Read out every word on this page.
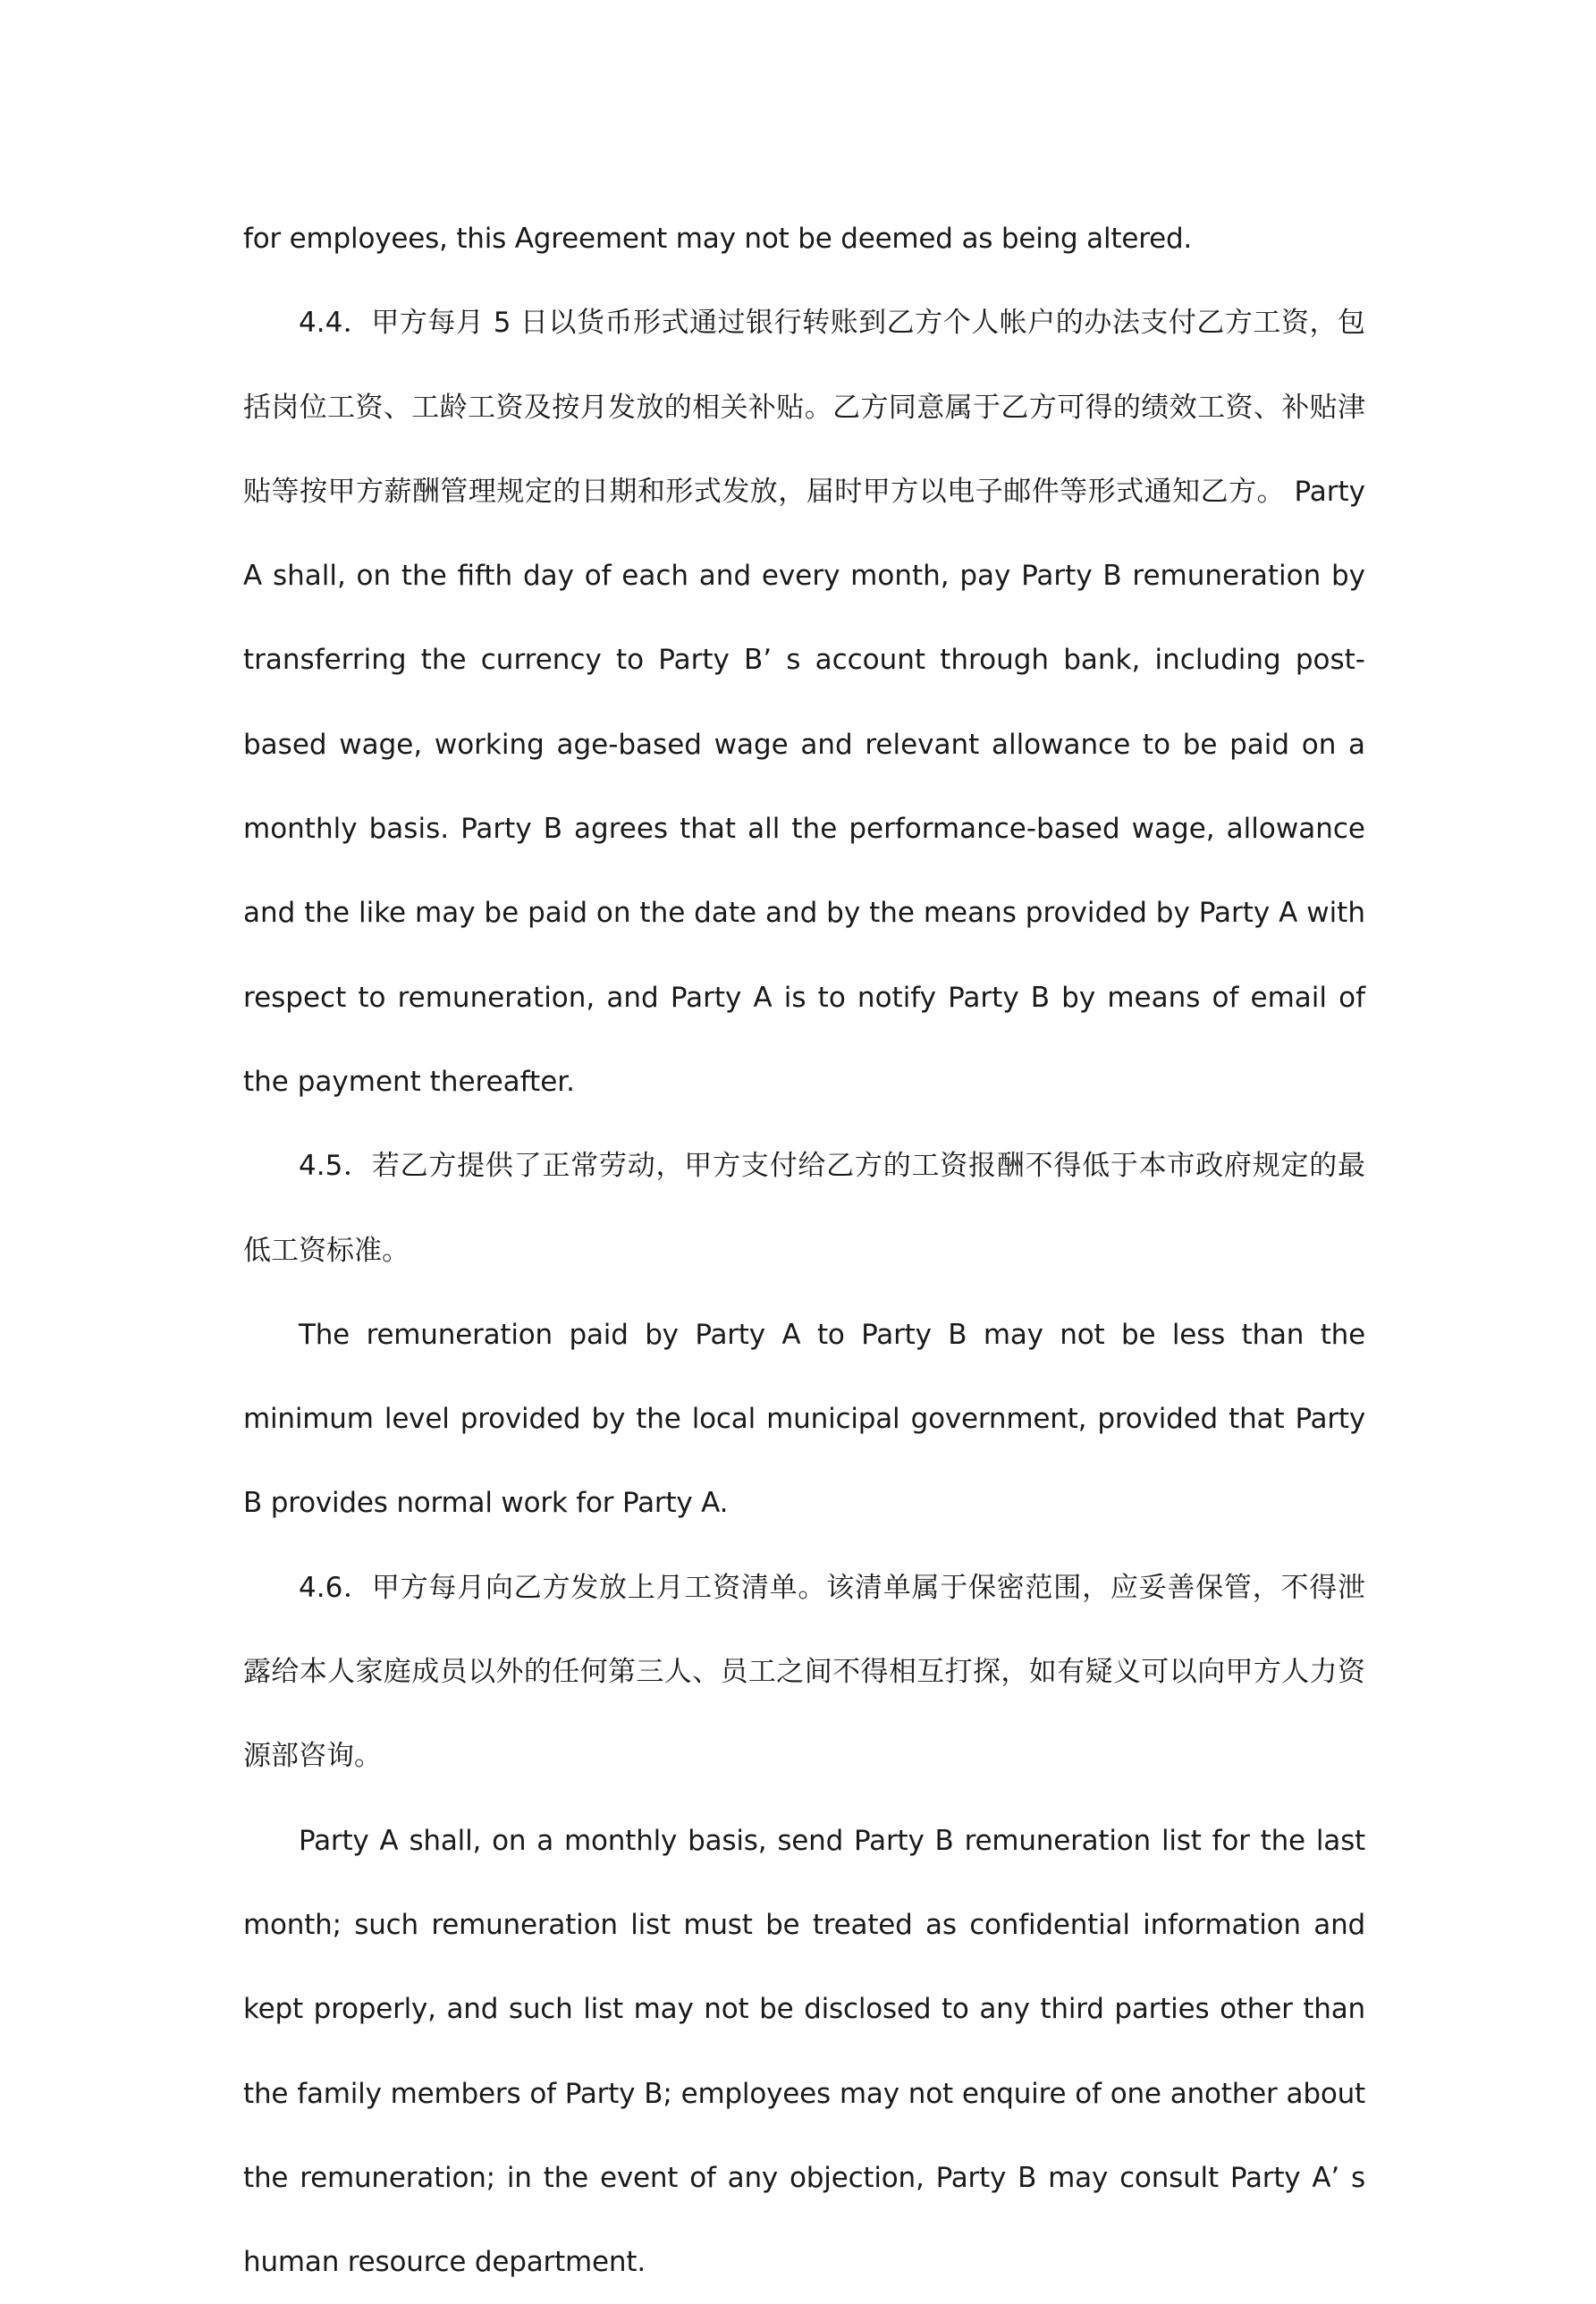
for employees, this Agreement may not be deemed as being altered.

4.4．甲方每月 5 日以货币形式通过银行转账到乙方个人帐户的办法支付乙方工资，包括岗位工资、工龄工资及按月发放的相关补贴。乙方同意属于乙方可得的绩效工资、补贴津贴等按甲方薪酬管理规定的日期和形式发放，届时甲方以电子邮件等形式通知乙方。 Party A shall, on the fifth day of each and every month, pay Party B remuneration by transferring the currency to Party B’ s account through bank, including post-based wage, working age-based wage and relevant allowance to be paid on a monthly basis. Party B agrees that all the performance-based wage, allowance and the like may be paid on the date and by the means provided by Party A with respect to remuneration, and Party A is to notify Party B by means of email of the payment thereafter.

4.5．若乙方提供了正常劳动，甲方支付给乙方的工资报酬不得低于本市政府规定的最低工资标准。

The remuneration paid by Party A to Party B may not be less than the minimum level provided by the local municipal government, provided that Party B provides normal work for Party A.

4.6．甲方每月向乙方发放上月工资清单。该清单属于保密范围，应妥善保管，不得泄露给本人家庭成员以外的任何第三人、员工之间不得相互打探，如有疑义可以向甲方人力资源部咨询。

Party A shall, on a monthly basis, send Party B remuneration list for the last month; such remuneration list must be treated as confidential information and kept properly, and such list may not be disclosed to any third parties other than the family members of Party B; employees may not enquire of one another about the remuneration; in the event of any objection, Party B may consult Party A’ s human resource department.
